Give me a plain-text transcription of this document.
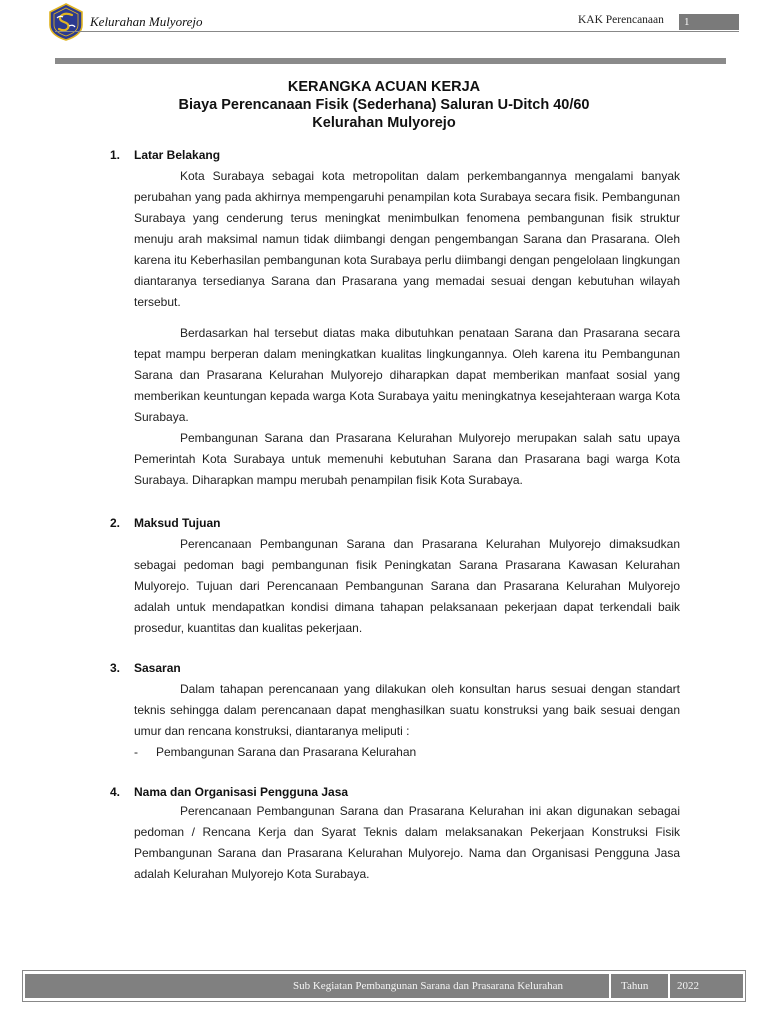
Kelurahan Mulyorejo	KAK Perencanaan	1
KERANGKA ACUAN KERJA
Biaya Perencanaan Fisik (Sederhana) Saluran U-Ditch 40/60
Kelurahan Mulyorejo
1. Latar Belakang

Kota Surabaya sebagai kota metropolitan dalam perkembangannya mengalami banyak perubahan yang pada akhirnya mempengaruhi penampilan kota Surabaya secara fisik. Pembangunan Surabaya yang cenderung terus meningkat menimbulkan fenomena pembangunan fisik struktur menuju arah maksimal namun tidak diimbangi dengan pengembangan Sarana dan Prasarana. Oleh karena itu Keberhasilan pembangunan kota Surabaya perlu diimbangi dengan pengelolaan lingkungan diantaranya tersedianya Sarana dan Prasarana yang memadai sesuai dengan kebutuhan wilayah tersebut.

Berdasarkan hal tersebut diatas maka dibutuhkan penataan Sarana dan Prasarana secara tepat mampu berperan dalam meningkatkan kualitas lingkungannya. Oleh karena itu Pembangunan Sarana dan Prasarana Kelurahan Mulyorejo diharapkan dapat memberikan manfaat sosial yang memberikan keuntungan kepada warga Kota Surabaya yaitu meningkatnya kesejahteraan warga Kota Surabaya.

Pembangunan Sarana dan Prasarana Kelurahan Mulyorejo merupakan salah satu upaya Pemerintah Kota Surabaya untuk memenuhi kebutuhan Sarana dan Prasarana bagi warga Kota Surabaya. Diharapkan mampu merubah penampilan fisik Kota Surabaya.

2. Maksud Tujuan

Perencanaan Pembangunan Sarana dan Prasarana Kelurahan Mulyorejo dimaksudkan sebagai pedoman bagi pembangunan fisik Peningkatan Sarana Prasarana Kawasan Kelurahan Mulyorejo. Tujuan dari Perencanaan Pembangunan Sarana dan Prasarana Kelurahan Mulyorejo adalah untuk mendapatkan kondisi dimana tahapan pelaksanaan pekerjaan dapat terkendali baik prosedur, kuantitas dan kualitas pekerjaan.

3. Sasaran

Dalam tahapan perencanaan yang dilakukan oleh konsultan harus sesuai dengan standart teknis sehingga dalam perencanaan dapat menghasilkan suatu konstruksi yang baik sesuai dengan umur dan rencana konstruksi, diantaranya meliputi :

- Pembangunan Sarana dan Prasarana Kelurahan
4. Nama dan Organisasi Pengguna Jasa

Perencanaan Pembangunan Sarana dan Prasarana Kelurahan ini akan digunakan sebagai pedoman / Rencana Kerja dan Syarat Teknis dalam melaksanakan Pekerjaan Konstruksi Fisik Pembangunan Sarana dan Prasarana Kelurahan Mulyorejo. Nama dan Organisasi Pengguna Jasa adalah Kelurahan Mulyorejo Kota Surabaya.

Sub Kegiatan Pembangunan Sarana dan Prasarana Kelurahan	Tahun	2022
